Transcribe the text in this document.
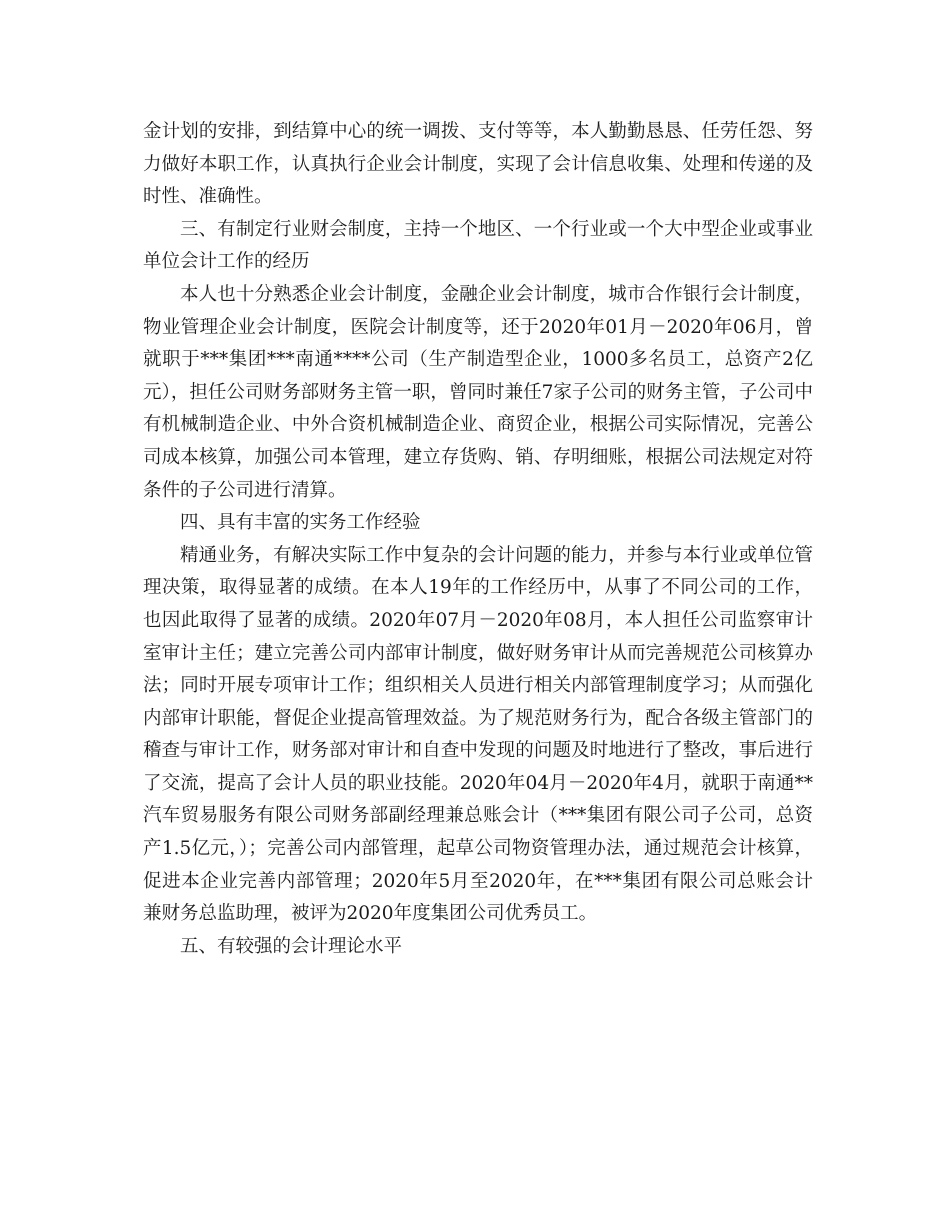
金计划的安排，到结算中心的统一调拨、支付等等，本人勤勤恳恳、任劳任怨、努力做好本职工作，认真执行企业会计制度，实现了会计信息收集、处理和传递的及时性、准确性。

三、有制定行业财会制度，主持一个地区、一个行业或一个大中型企业或事业单位会计工作的经历

本人也十分熟悉企业会计制度，金融企业会计制度，城市合作银行会计制度，物业管理企业会计制度，医院会计制度等，还于2020年01月－2020年06月，曾就职于***集团***南通****公司（生产制造型企业，1000多名员工，总资产2亿元），担任公司财务部财务主管一职，曾同时兼任7家子公司的财务主管，子公司中有机械制造企业、中外合资机械制造企业、商贸企业，根据公司实际情况，完善公司成本核算，加强公司本管理，建立存货购、销、存明细账，根据公司法规定对符条件的子公司进行清算。

四、具有丰富的实务工作经验

精通业务，有解决实际工作中复杂的会计问题的能力，并参与本行业或单位管理决策，取得显著的成绩。在本人19年的工作经历中，从事了不同公司的工作，也因此取得了显著的成绩。2020年07月－2020年08月，本人担任公司监察审计室审计主任；建立完善公司内部审计制度，做好财务审计从而完善规范公司核算办法；同时开展专项审计工作；组织相关人员进行相关内部管理制度学习；从而强化内部审计职能，督促企业提高管理效益。为了规范财务行为，配合各级主管部门的稽查与审计工作，财务部对审计和自查中发现的问题及时地进行了整改，事后进行了交流，提高了会计人员的职业技能。2020年04月－2020年4月，就职于南通**汽车贸易服务有限公司财务部副经理兼总账会计（***集团有限公司子公司，总资产1.5亿元，）；完善公司内部管理，起草公司物资管理办法，通过规范会计核算，促进本企业完善内部管理；2020年5月至2020年，在***集团有限公司总账会计兼财务总监助理，被评为2020年度集团公司优秀员工。

五、有较强的会计理论水平
